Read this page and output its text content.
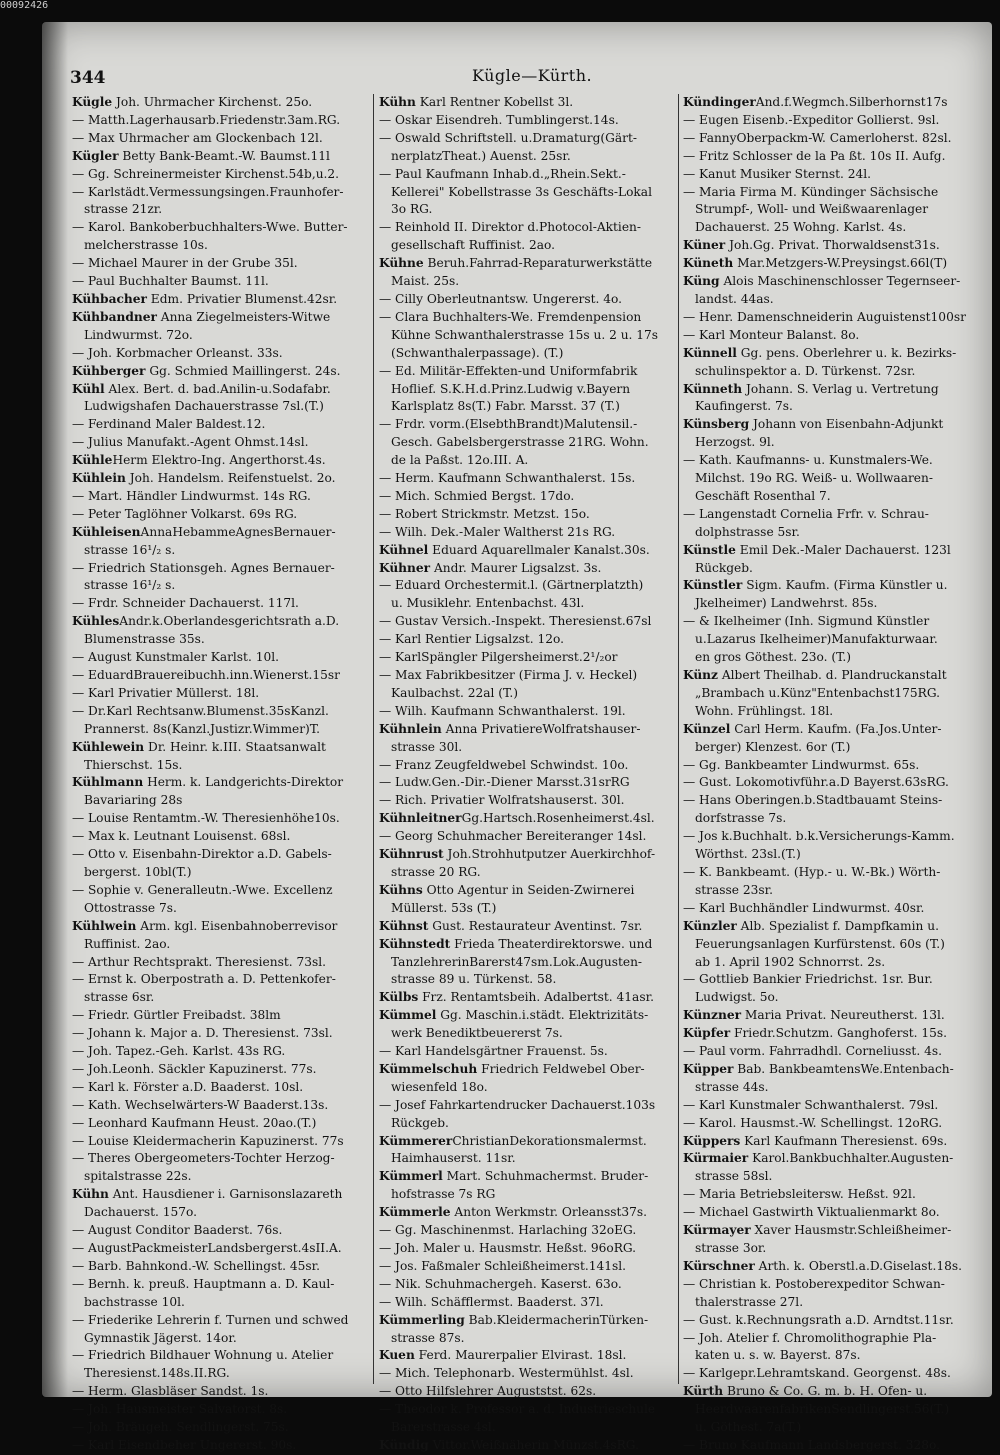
00092426
344	Kügle—Kürth.
Kügle Joh. Uhrmacher Kirchenst. 25o.
— Matth.Lagerhausarb.Friedenstr.3am.RG.
— Max Uhrmacher am Glockenbach 12l.
Kügler Betty Bank-Beamt.-W. Baumst.11l
— Gg. Schreinermeister Kirchenst.54b,u.2.
— Karlstädt.Vermessungsingen.Fraunhofer-
strasse 21zr.
— Karol. Bankoberbuchhalters-Wwe. Butter-
melcherstrasse 10s.
— Michael Maurer in der Grube 35l.
— Paul Buchhalter Baumst. 11l.
Kühbacher Edm. Privatier Blumenst.42sr.
Kühbandner Anna Ziegelmeisters-Witwe
Lindwurmst. 72o.
— Joh. Korbmacher Orleanst. 33s.
Kühberger Gg. Schmied Maillingerst. 24s.
Kühl Alex. Bert. d. bad.Anilin-u.Sodafabr.
Ludwigshafen Dachauerstrasse 7sl.(T.)
— Ferdinand Maler Baldest.12.
— Julius Manufakt.-Agent Ohmst.14sl.
KühleHerm Elektro-Ing. Angerthorst.4s.
Kühlein Joh. Handelsm. Reifenstuelst. 2o.
— Mart. Händler Lindwurmst. 14s RG.
— Peter Taglöhner Volkarst. 69s RG.
KühleisenAnnaHebammeAgnesBernauer-
strasse 16¹/₂ s.
— Friedrich Stationsgeh. Agnes Bernauer-
strasse 16¹/₂ s.
— Frdr. Schneider Dachauerst. 117l.
KühlesAndr.k.Oberlandesgerichtsrath a.D.
Blumenstrasse 35s.
— August Kunstmaler Karlst. 10l.
— EduardBrauereibuchh.inn.Wienerst.15sr
— Karl Privatier Müllerst. 18l.
— Dr.Karl Rechtsanw.Blumenst.35sKanzl.
Prannerst. 8s(Kanzl.Justizr.Wimmer)T.
Kühlewein Dr. Heinr. k.III. Staatsanwalt
Thierschst. 15s.
Kühlmann Herm. k. Landgerichts-Direktor
Bavariaring 28s
— Louise Rentamtm.-W. Theresienhöhe10s.
— Max k. Leutnant Louisenst. 68sl.
— Otto v. Eisenbahn-Direktor a.D. Gabels-
bergerst. 10bl(T.)
— Sophie v. Generalleutn.-Wwe. Excellenz
Ottostrasse 7s.
Kühlwein Arm. kgl. Eisenbahnoberrevisor
Ruffinist. 2ao.
— Arthur Rechtsprakt. Theresienst. 73sl.
— Ernst k. Oberpostrath a. D. Pettenkofer-
strasse 6sr.
— Friedr. Gürtler Freibadst. 38lm
— Johann k. Major a. D. Theresienst. 73sl.
— Joh. Tapez.-Geh. Karlst. 43s RG.
— Joh.Leonh. Säckler Kapuzinerst. 77s.
— Karl k. Förster a.D. Baaderst. 10sl.
— Kath. Wechselwärters-W Baaderst.13s.
— Leonhard Kaufmann Heust. 20ao.(T.)
— Louise Kleidermacherin Kapuzinerst. 77s
— Theres Obergeometers-Tochter Herzog-
spitalstrasse 22s.
Kühn Ant. Hausdiener i. Garnisonslazareth
Dachauerst. 157o.
— August Conditor Baaderst. 76s.
— AugustPackmeisterLandsbergerst.4sII.A.
— Barb. Bahnkond.-W. Schellingst. 45sr.
— Bernh. k. preuß. Hauptmann a. D. Kaul-
bachstrasse 10l.
— Friederike Lehrerin f. Turnen und schwed
Gymnastik Jägerst. 14or.
— Friedrich Bildhauer Wohnung u. Atelier
Theresienst.148s.II.RG.
— Herm. Glasbläser Sandst. 1s.
— Joh. Hausmeister Salvatorst. 8s.
— Joh. Bräugeh. Sendlingerst. 75s.
— Karl Eisendbeher Ungererst. 90s.
Kühn Karl Rentner Kobellst 3l.
— Oskar Eisendreh. Tumblingerst.14s.
— Oswald Schriftstell. u.Dramaturg(Gärt-
nerplatzTheat.) Auenst. 25sr.
— Paul Kaufmann Inhab.d.„Rhein.Sekt.-
Kellerei" Kobellstrasse 3s Geschäfts-Lokal
3o RG.
— Reinhold II. Direktor d.Photocol-Aktien-
gesellschaft Ruffinist. 2ao.
Kühne Beruh.Fahrrad-Reparaturwerkstätte
Maist. 25s.
— Cilly Oberleutnantsw. Ungererst. 4o.
— Clara Buchhalters-We. Fremdenpension
Kühne Schwanthalerstrasse 15s u. 2 u. 17s
(Schwanthalerpassage). (T.)
— Ed. Militär-Effekten-und Uniformfabrik
Hoflief. S.K.H.d.Prinz.Ludwig v.Bayern
Karlsplatz 8s(T.) Fabr. Marsst. 37 (T.)
— Frdr. vorm.(ElsebthBrandt)Malutensil.-
Gesch. Gabelsbergerstrasse 21RG. Wohn.
de la Paßst. 12o.III. A.
— Herm. Kaufmann Schwanthalerst. 15s.
— Mich. Schmied Bergst. 17do.
— Robert Strickmstr. Metzst. 15o.
— Wilh. Dek.-Maler Waltherst 21s RG.
Kühnel Eduard Aquarellmaler Kanalst.30s.
Kühner Andr. Maurer Ligsalzst. 3s.
— Eduard Orchestermit.l. (Gärtnerplatzth)
u. Musiklehr. Entenbachst. 43l.
— Gustav Versich.-Inspekt. Theresienst.67sl
— Karl Rentier Ligsalzst. 12o.
— KarlSpängler Pilgersheimerst.2¹/₂or
— Max Fabrikbesitzer (Firma J. v. Heckel)
Kaulbachst. 22al (T.)
— Wilh. Kaufmann Schwanthalerst. 19l.
Kühnlein Anna PrivatiereWolfratshauser-
strasse 30l.
— Franz Zeugfeldwebel Schwindst. 10o.
— Ludw.Gen.-Dir.-Diener Marsst.31srRG
— Rich. Privatier Wolfratshauserst. 30l.
KühnleitnerGg.Hartsch.Rosenheimerst.4sl.
— Georg Schuhmacher Bereiteranger 14sl.
Kühnrust Joh.Strohhutputzer Auerkirchhof-
strasse 20 RG.
Kühns Otto Agentur in Seiden-Zwirnerei
Müllerst. 53s (T.)
Kühnst Gust. Restaurateur Aventinst. 7sr.
Kühnstedt Frieda Theaterdirektorswe. und
TanzlehrerinBarerst47sm.Lok.Augusten-
strasse 89 u. Türkenst. 58.
Külbs Frz. Rentamtsbeih. Adalbertst. 41asr.
Kümmel Gg. Maschin.i.städt. Elektrizitäts-
werk Benediktbeuererst 7s.
— Karl Handelsgärtner Frauenst. 5s.
Kümmelschuh Friedrich Feldwebel Ober-
wiesenfeld 18o.
— Josef Fahrkartendrucker Dachauerst.103s
Rückgeb.
KümmererChristianDekorationsmalermst.
Haimhauserst. 11sr.
Kümmerl Mart. Schuhmachermst. Bruder-
hofstrasse 7s RG
Kümmerle Anton Werkmstr. Orleansst37s.
— Gg. Maschinenmst. Harlaching 32oEG.
— Joh. Maler u. Hausmstr. Heßst. 96oRG.
— Jos. Faßmaler Schleißheimerst.141sl.
— Nik. Schuhmachergeh. Kaserst. 63o.
— Wilh. Schäfflermst. Baaderst. 37l.
Kümmerling Bab.KleidermacherinTürken-
strasse 87s.
Kuen Ferd. Maurerpalier Elvirast. 18sl.
— Mich. Telephonarb. Westermühlst. 4sl.
— Otto Hilfslehrer Auguststst. 62s.
— Theodor k. Professor a. d. Industrieschule
Barerstrasse 4sl.
Kündig Vittor.Weißnäherin Münzst.4sRG.
KündingerAnd.f.Wegmch.Silberhornst17s
— Eugen Eisenb.-Expeditor Gollierst. 9sl.
— FannyOberpackm-W. Camerloherst. 82sl.
— Fritz Schlosser de la Pa ßt. 10s II. Aufg.
— Kanut Musiker Sternst. 24l.
— Maria Firma M. Kündinger Sächsische
Strumpf-, Woll- und Weißwaarenlager
Dachauerst. 25 Wohng. Karlst. 4s.
Küner Joh.Gg. Privat. Thorwaldsenst31s.
Küneth Mar.Metzgers-W.Preysingst.66l(T)
Küng Alois Maschinenschlosser Tegernseer-
landst. 44as.
— Henr. Damenschneiderin Auguistenst100sr
— Karl Monteur Balanst. 8o.
Künnell Gg. pens. Oberlehrer u. k. Bezirks-
schulinspektor a. D. Türkenst. 72sr.
Künneth Johann. S. Verlag u. Vertretung
Kaufingerst. 7s.
Künsberg Johann von Eisenbahn-Adjunkt
Herzogst. 9l.
— Kath. Kaufmanns- u. Kunstmalers-We.
Milchst. 19o RG. Weiß- u. Wollwaaren-
Geschäft Rosenthal 7.
— Langenstadt Cornelia Frfr. v. Schrau-
dolphstrasse 5sr.
Künstle Emil Dek.-Maler Dachauerst. 123l
Rückgeb.
Künstler Sigm. Kaufm. (Firma Künstler u.
Jkelheimer) Landwehrst. 85s.
— & Ikelheimer (Inh. Sigmund Künstler
u.Lazarus Ikelheimer)Manufakturwaar.
en gros Göthest. 23o. (T.)
Künz Albert Theilhab. d. Plandruckanstalt
„Brambach u.Künz"Entenbachst175RG.
Wohn. Frühlingst. 18l.
Künzel Carl Herm. Kaufm. (Fa.Jos.Unter-
berger) Klenzest. 6or (T.)
— Gg. Bankbeamter Lindwurmst. 65s.
— Gust. Lokomotivführ.a.D Bayerst.63sRG.
— Hans Oberingen.b.Stadtbauamt Steins-
dorfstrasse 7s.
— Jos k.Buchhalt. b.k.Versicherungs-Kamm.
Wörthst. 23sl.(T.)
— K. Bankbeamt. (Hyp.- u. W.-Bk.) Wörth-
strasse 23sr.
— Karl Buchhändler Lindwurmst. 40sr.
Künzler Alb. Spezialist f. Dampfkamin u.
Feuerungsanlagen Kurfürstenst. 60s (T.)
ab 1. April 1902 Schnorrst. 2s.
— Gottlieb Bankier Friedrichst. 1sr. Bur.
Ludwigst. 5o.
Künzner Maria Privat. Neureutherst. 13l.
Küpfer Friedr.Schutzm. Ganghoferst. 15s.
— Paul vorm. Fahrradhdl. Corneliusst. 4s.
Küpper Bab. BankbeamtensWe.Entenbach-
strasse 44s.
— Karl Kunstmaler Schwanthalerst. 79sl.
— Karol. Hausmst.-W. Schellingst. 12oRG.
Küppers Karl Kaufmann Theresienst. 69s.
Kürmaier Karol.Bankbuchhalter.Augusten-
strasse 58sl.
— Maria Betriebsleitersw. Heßst. 92l.
— Michael Gastwirth Viktualienmarkt 8o.
Kürmayer Xaver Hausmstr.Schleißheimer-
strasse 3or.
Kürschner Arth. k. Oberstl.a.D.Giselast.18s.
— Christian k. Postoberexpeditor Schwan-
thalerstrasse 27l.
— Gust. k.Rechnungsrath a.D. Arndtst.11sr.
— Joh. Atelier f. Chromolithographie Pla-
katen u. s. w. Bayerst. 87s.
— Karlgepr.Lehramtskand. Georgenst. 48s.
Kürth Bruno & Co. G. m. b. H. Ofen- u.
HeerdwaarenfabrikenSendlingerst.56(T.)
u. Göthest. 7a(T.)
— Bruno Kaufmann Landsbergerst. 328o.
